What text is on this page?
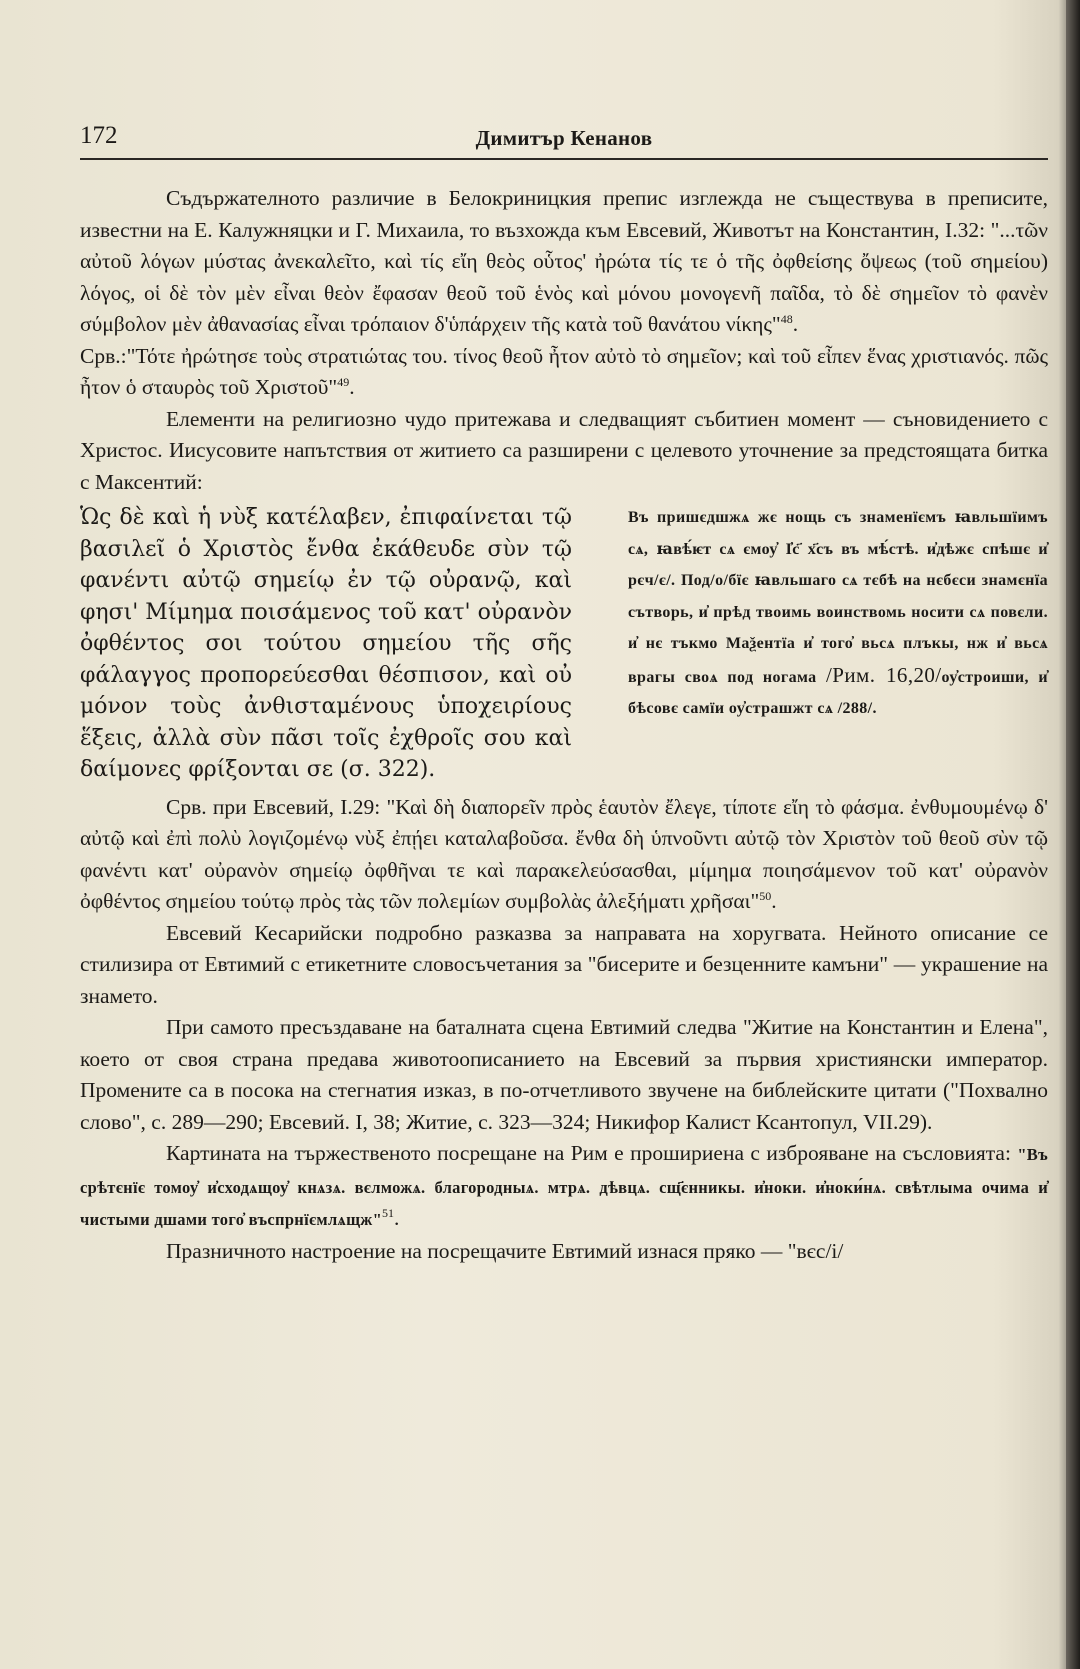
172	Димитър Кенанов

Съдържателното различие в Белокриницкия препис изглежда не съществува в преписите, известни на Е. Калужняцки и Г. Михаила, то възхожда към Евсевий, Животът на Константин, I.32: "...τῶν αὐτοῦ λόγων μύστας ἀνεκαλεῖτο, καὶ τίς εἴη θεὸς οὗτος' ἠρώτα τίς τε ὁ τῆς ὀφθείσης ὄψεως (τοῦ σημείου) λόγος, οἱ δὲ τὸν μὲν εἶναι θεὸν ἔφασαν θεοῦ τοῦ ἑνὸς καὶ μόνου μονογενῆ παῖδα, τὸ δὲ σημεῖον τὸ φανὲν σύμβολον μὲν ἀθανασίας εἶναι τρόπαιον δ'ὑπάρχειν τῆς κατὰ τοῦ θανάτου νίκης"$^{48}$.

Срв.:"Τότε ἠρώτησε τοὺς στρατιώτας του. τίνος θεοῦ ἦτον αὐτὸ τὸ σημεῖον; καὶ τοῦ εἶπεν ἕνας χριστιανός. πῶς ἦτον ὁ σταυρὸς τοῦ Χριστοῦ"$^{49}$.

Елементи на религиозно чудо притежава и следващият събитиен момент — съновидението с Христос. Иисусовите напътствия от житието са разширени с целевото уточнение за предстоящата битка с Максентий:

Ὡς δὲ καὶ ἡ νὺξ κατέλαβεν, ἐπιφαίνεται τῷ βασιλεῖ ὁ Χριστὸς ἔνθα ἐκάθευδε σὺν τῷ φανέντι αὐτῷ σημείῳ ἐν τῷ οὐρανῷ, καὶ φησι' Μίμημα ποισάμενος τοῦ κατ' οὐρανὸν ὀφθέντος σοι τούτου σημείου τῆς σῆς φάλαγγος προπορεύεσθαι θέσπισον, καὶ οὐ μόνον τοὺς ἀνθισταμένους ὑποχειρίους ἕξεις, ἀλλὰ σὺν πᾶσι τοῖς ἐχθροῖς σου καὶ δαίμονες φρίξονται σε (σ. 322).
Въ пришєдшжѧ жє нощь съ знаменїємъ ꙗвльшїимъ сѧ, ꙗвѣ́ѥт сѧ ємоу҆ І҆с҃ х҃съ въ мѣ́стѣ. и҆дѣжє спѣшє и҆ рєч/є/. Под/о/бїє ꙗвльшаго сѧ тєбѣ на нєбєси знамєнїа сътворь, и҆ прѣд твоимь воинствомь носити сѧ повєли. и҆ нє тъкмо Маѯентїа и҆ того҆ вьсѧ плъкы, нж и҆ вьсѧ врагы своѧ под ногама /Рим. 16,20/оу҆строиши, и҆ бѣсовє самїи оу҆страшжт сѧ /288/.

Срв. при Евсевий, I.29: "Καὶ δὴ διαπορεῖν πρὸς ἑαυτὸν ἔλεγε, τίποτε εἴη τὸ φάσμα. ἐνθυμουμένῳ δ' αὐτῷ καὶ ἐπὶ πολὺ λογιζομένῳ νὺξ ἐπῄει καταλαβοῦσα. ἔνθα δὴ ὑπνοῦντι αὐτῷ τὸν Χριστὸν τοῦ θεοῦ σὺν τῷ φανέντι κατ' οὐρανὸν σημείῳ ὀφθῆναι τε καὶ παρακελεύσασθαι, μίμημα ποιησάμενον τοῦ κατ' οὐρανὸν ὀφθέντος σημείου τούτῳ πρὸς τὰς τῶν πολεμίων συμβολὰς ἀλεξήματι χρῆσαι"$^{50}$.

Евсевий Кесарийски подробно разказва за направата на хоругвата. Нейното описание се стилизира от Евтимий с етикетните словосъчетания за "бисерите и безценните камъни" — украшение на знамето.

При самото пресъздаване на баталната сцена Евтимий следва "Житие на Константин и Елена", което от своя страна предава животоописанието на Евсевий за първия християнски император. Промените са в посока на стегнатия изказ, в по-отчетливото звучене на библейските цитати ("Похвално слово", с. 289—290; Евсевий. I, 38; Житие, с. 323—324; Никифор Калист Ксантопул, VII.29).

Картината на тържественото посрещане на Рим е прошириена с изброяване на съсловията: "Въ срѣтєнїє томоу҆ и҆сходѧщоу҆ кнѧзѧ. вєлможѧ. благородныѧ. мтрѧ. дѣвцѧ. сщ҃єнникы. и҆ноки. и҆ноки́нѧ. свѣтлыма очима и҆ чистыми дшами того҆ въспрнїємлѧщж"$^{51}$.

Празничното настроение на посрещачите Евтимий изнася пряко — "вєс/і/
